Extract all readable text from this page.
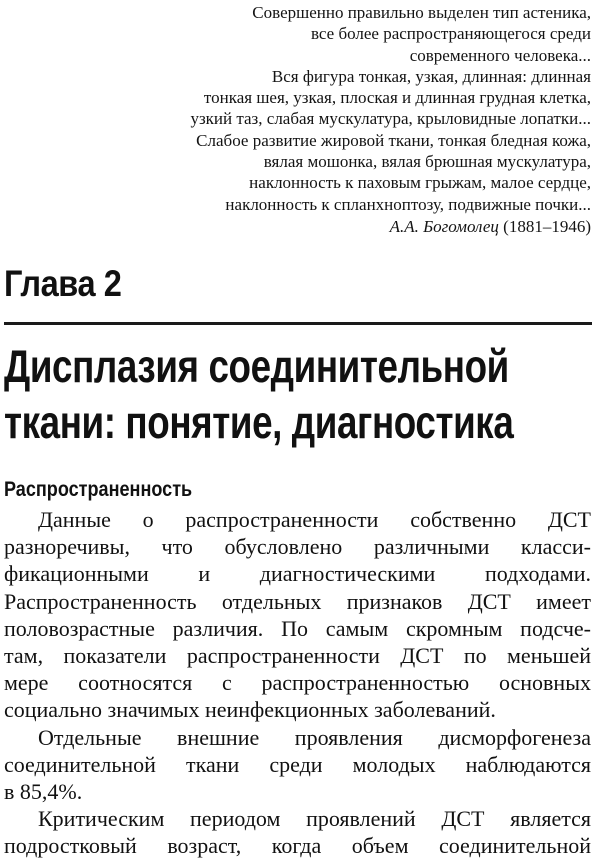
Совершенно правильно выделен тип астеника,
все более распространяющегося среди
современного человека...
Вся фигура тонкая, узкая, длинная: длинная
тонкая шея, узкая, плоская и длинная грудная клетка,
узкий таз, слабая мускулатура, крыловидные лопатки...
Слабое развитие жировой ткани, тонкая бледная кожа,
вялая мошонка, вялая брюшная мускулатура,
наклонность к паховым грыжам, малое сердце,
наклонность к спланхноптозу, подвижные почки...
А.А. Богомолец (1881–1946)
Глава 2
Дисплазия соединительной
ткани: понятие, диагностика
Распространенность
Данные о распространенности собственно ДСТ
разноречивы, что обусловлено различными класси-
фикационными и диагностическими подходами.
Распространенность отдельных признаков ДСТ имеет
половозрастные различия. По самым скромным подсче-
там, показатели распространенности ДСТ по меньшей
мере соотносятся с распространенностью основных
социально значимых неинфекционных заболеваний.
Отдельные внешние проявления дисморфогенеза
соединительной ткани среди молодых наблюдаются
в 85,4%.
Критическим периодом проявлений ДСТ является
подростковый возраст, когда объем соединительной
